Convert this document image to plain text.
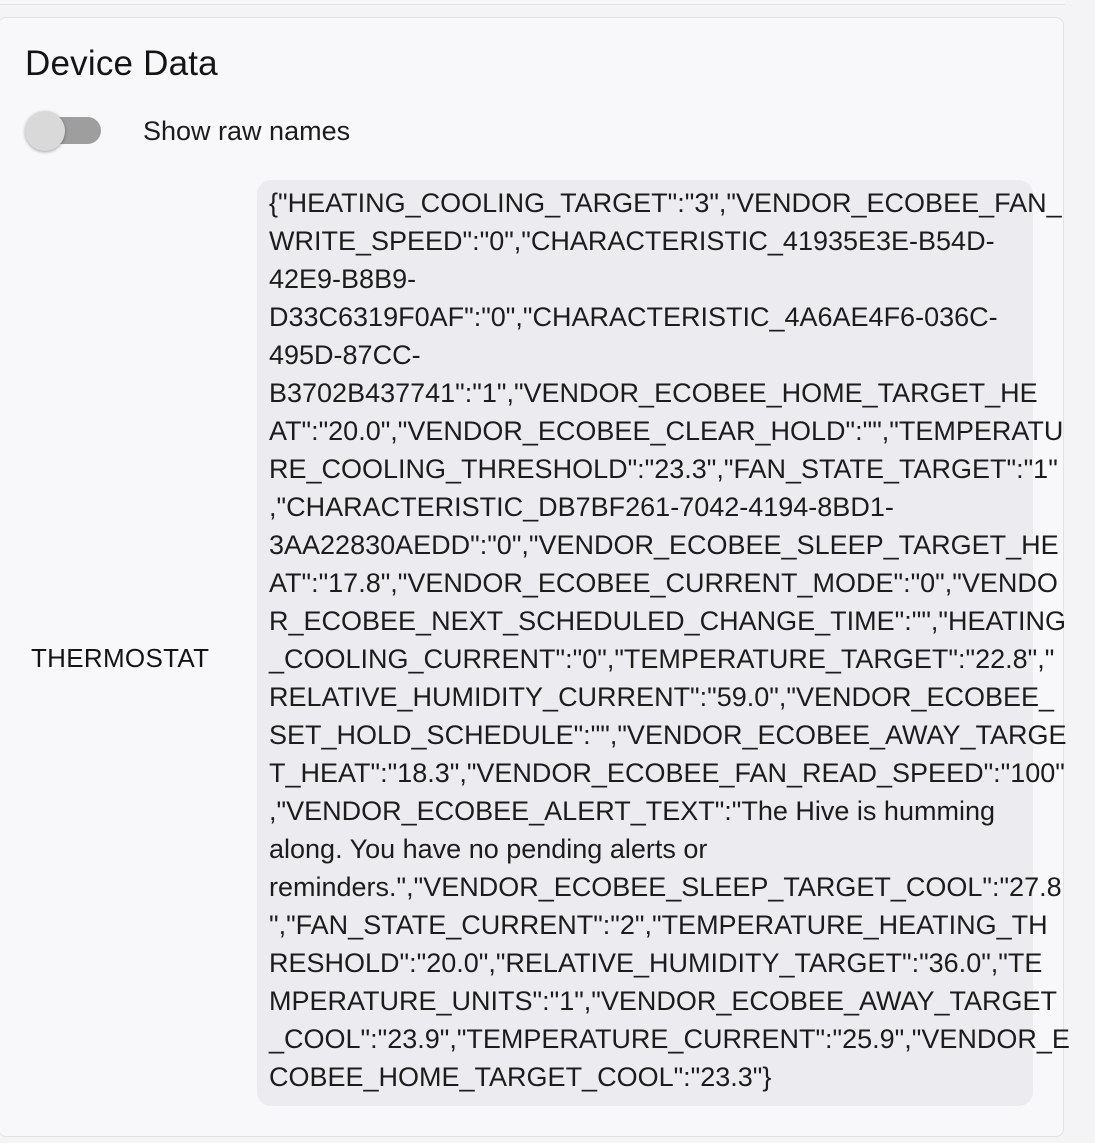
Device Data
Show raw names
THERMOSTAT
{"HEATING_COOLING_TARGET":"3","VENDOR_ECOBEE_FAN_
WRITE_SPEED":"0","CHARACTERISTIC_41935E3E-B54D-
42E9-B8B9-
D33C6319F0AF":"0","CHARACTERISTIC_4A6AE4F6-036C-
495D-87CC-
B3702B437741":"1","VENDOR_ECOBEE_HOME_TARGET_HE
AT":"20.0","VENDOR_ECOBEE_CLEAR_HOLD":"","TEMPERATU
RE_COOLING_THRESHOLD":"23.3","FAN_STATE_TARGET":"1"
,"CHARACTERISTIC_DB7BF261-7042-4194-8BD1-
3AA22830AEDD":"0","VENDOR_ECOBEE_SLEEP_TARGET_HE
AT":"17.8","VENDOR_ECOBEE_CURRENT_MODE":"0","VENDO
R_ECOBEE_NEXT_SCHEDULED_CHANGE_TIME":"","HEATING
_COOLING_CURRENT":"0","TEMPERATURE_TARGET":"22.8","
RELATIVE_HUMIDITY_CURRENT":"59.0","VENDOR_ECOBEE_
SET_HOLD_SCHEDULE":"","VENDOR_ECOBEE_AWAY_TARGE
T_HEAT":"18.3","VENDOR_ECOBEE_FAN_READ_SPEED":"100"
,"VENDOR_ECOBEE_ALERT_TEXT":"The Hive is humming
along. You have no pending alerts or
reminders.","VENDOR_ECOBEE_SLEEP_TARGET_COOL":"27.8
","FAN_STATE_CURRENT":"2","TEMPERATURE_HEATING_TH
RESHOLD":"20.0","RELATIVE_HUMIDITY_TARGET":"36.0","TE
MPERATURE_UNITS":"1","VENDOR_ECOBEE_AWAY_TARGET
_COOL":"23.9","TEMPERATURE_CURRENT":"25.9","VENDOR_E
COBEE_HOME_TARGET_COOL":"23.3"}
